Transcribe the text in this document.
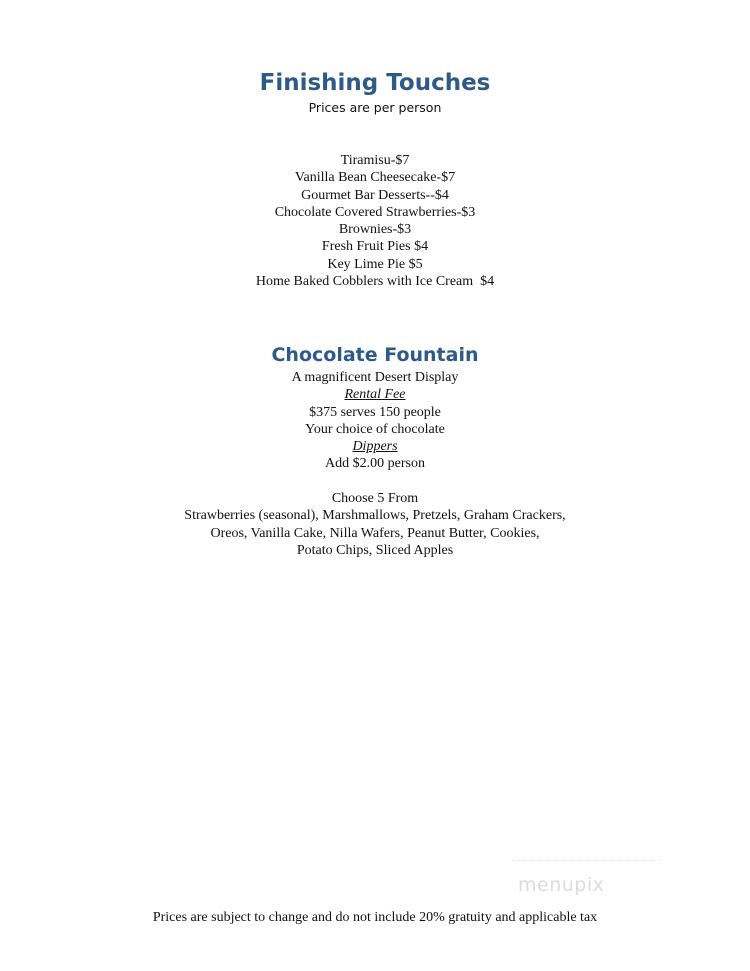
Finishing Touches

Prices are per person

Tiramisu-$7
Vanilla Bean Cheesecake-$7
Gourmet Bar Desserts--$4
Chocolate Covered Strawberries-$3
Brownies-$3
Fresh Fruit Pies $4
Key Lime Pie $5
Home Baked Cobblers with Ice Cream  $4
Chocolate Fountain
A magnificent Desert Display
Rental Fee
$375 serves 150 people
Your choice of chocolate
Dippers
Add $2.00 person
Choose 5 From
Strawberries (seasonal), Marshmallows, Pretzels, Graham Crackers,
Oreos, Vanilla Cake, Nilla Wafers, Peanut Butter, Cookies,
Potato Chips, Sliced Apples
menupix
Prices are subject to change and do not include 20% gratuity and applicable tax
